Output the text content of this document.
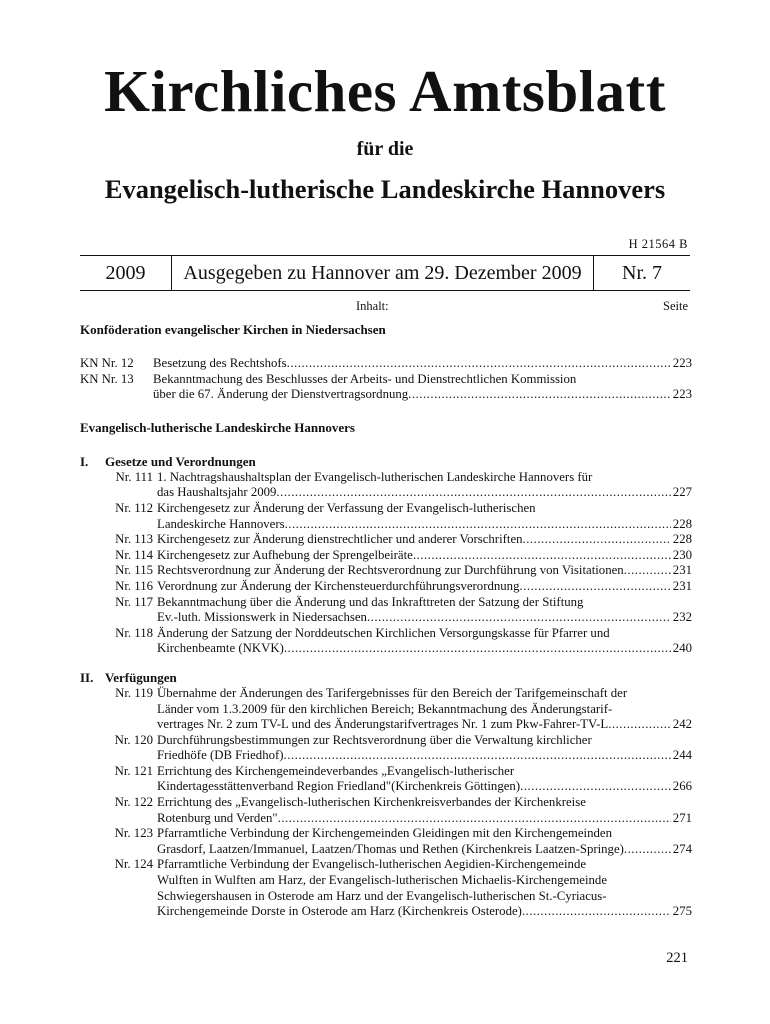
Kirchliches Amtsblatt
für die
Evangelisch-lutherische Landeskirche Hannovers
H 21564 B
2009	Ausgegeben zu Hannover am 29. Dezember 2009	Nr. 7
Inhalt:	Seite
Konföderation evangelischer Kirchen in Niedersachsen
KN Nr. 12	Besetzung des Rechtshofs .....	223
KN Nr. 13	Bekanntmachung des Beschlusses der Arbeits- und Dienstrechtlichen Kommission
über die 67. Änderung der Dienstvertragsordnung .....	223
Evangelisch-lutherische Landeskirche Hannovers
I.	Gesetze und Verordnungen
Nr. 111 1. Nachtragshaushaltsplan der Evangelisch-lutherischen Landeskirche Hannovers für
das Haushaltsjahr 2009 .....	227
Nr. 112 Kirchengesetz zur Änderung der Verfassung der Evangelisch-lutherischen
Landeskirche Hannovers .....	228
Nr. 113 Kirchengesetz zur Änderung dienstrechtlicher und anderer Vorschriften .....	228
Nr. 114 Kirchengesetz zur Aufhebung der Sprengelbeiräte .....	230
Nr. 115 Rechtsverordnung zur Änderung der Rechtsverordnung zur Durchführung von Visitationen .....	231
Nr. 116 Verordnung zur Änderung der Kirchensteuerdurchführungsverordnung .....	231
Nr. 117 Bekanntmachung über die Änderung und das Inkrafttreten der Satzung der Stiftung
Ev.-luth. Missionswerk in Niedersachsen .....	232
Nr. 118 Änderung der Satzung der Norddeutschen Kirchlichen Versorgungskasse für Pfarrer und
Kirchenbeamte (NKVK) .....	240
II. Verfügungen
Nr. 119 Übernahme der Änderungen des Tarifergebnisses für den Bereich der Tarifgemeinschaft der
Länder vom 1.3.2009 für den kirchlichen Bereich; Bekanntmachung des Änderungstarif-
vertrages Nr. 2 zum TV-L und des Änderungstarifvertrages Nr. 1 zum Pkw-Fahrer-TV-L .....	242
Nr. 120 Durchführungsbestimmungen zur Rechtsverordnung über die Verwaltung kirchlicher
Friedhöfe (DB Friedhof) .....	244
Nr. 121 Errichtung des Kirchengemeindeverbandes „Evangelisch-lutherischer
Kindertagesstättenverband Region Friedland"(Kirchenkreis Göttingen) .....	266
Nr. 122 Errichtung des „Evangelisch-lutherischen Kirchenkreisverbandes der Kirchenkreise
Rotenburg und Verden" .....	271
Nr. 123 Pfarramtliche Verbindung der Kirchengemeinden Gleidingen mit den Kirchengemeinden
Grasdorf, Laatzen/Immanuel, Laatzen/Thomas und Rethen (Kirchenkreis Laatzen-Springe) .....	274
Nr. 124 Pfarramtliche Verbindung der Evangelisch-lutherischen Aegidien-Kirchengemeinde
Wulften in Wulften am Harz, der Evangelisch-lutherischen Michaelis-Kirchengemeinde
Schwiegershausen in Osterode am Harz und der Evangelisch-lutherischen St.-Cyriacus-
Kirchengemeinde Dorste in Osterode am Harz (Kirchenkreis Osterode) .....	275
221
